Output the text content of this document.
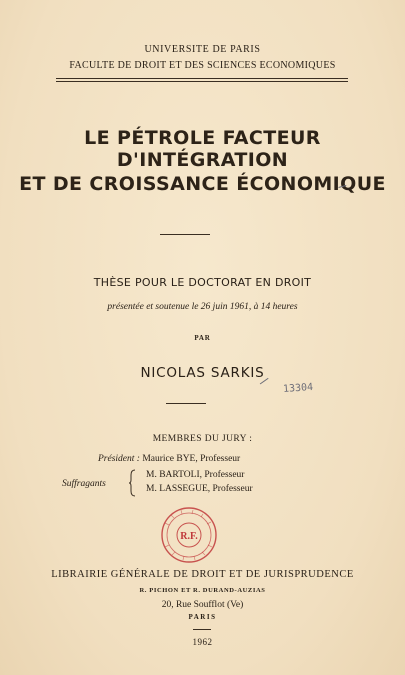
UNIVERSITE DE PARIS
FACULTE DE DROIT ET DES SCIENCES ECONOMIQUES
LE PÉTROLE FACTEUR D'INTÉGRATION
ET DE CROISSANCE ÉCONOMIQUE
THÈSE POUR LE DOCTORAT EN DROIT
présentée et soutenue le 26 juin 1961, à 14 heures
PAR
NICOLAS SARKIS
13304
MEMBRES DU JURY :
Président : Maurice BYE, Professeur
Suffragants
M. BARTOLI, Professeur
M. LASSEGUE, Professeur
R.F.
LIBRAIRIE GÉNÉRALE DE DROIT ET DE JURISPRUDENCE
R. PICHON ET R. DURAND-AUZIAS
20, Rue Soufflot (Ve)
PARIS
1962
